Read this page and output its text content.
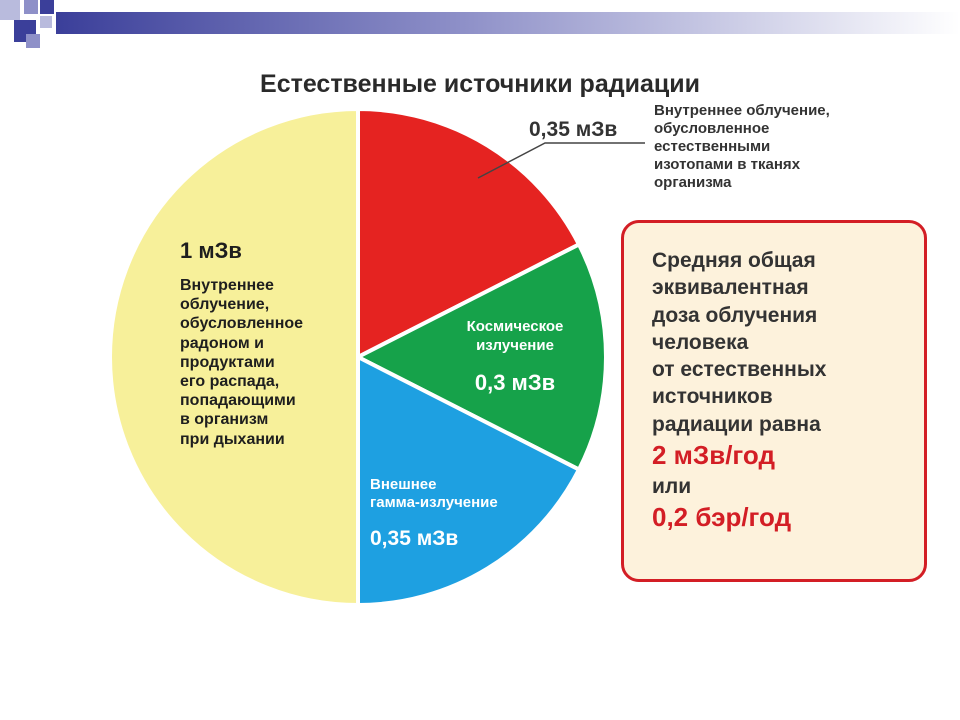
Естественные источники радиации
1 мЗв
Внутреннее
облучение,
обусловленное
радоном и
продуктами
его распада,
попадающими
в организм
при дыхании
Космическое
излучение
0,3 мЗв
Внешнее
гамма-излучение
0,35 мЗв
0,35 мЗв
Внутреннее облучение,
обусловленное
естественными
изотопами в тканях
организма
Средняя общая
эквивалентная
доза облучения
человека
от естественных
источников
радиации равна
2 мЗв/год
или
0,2 бэр/год
